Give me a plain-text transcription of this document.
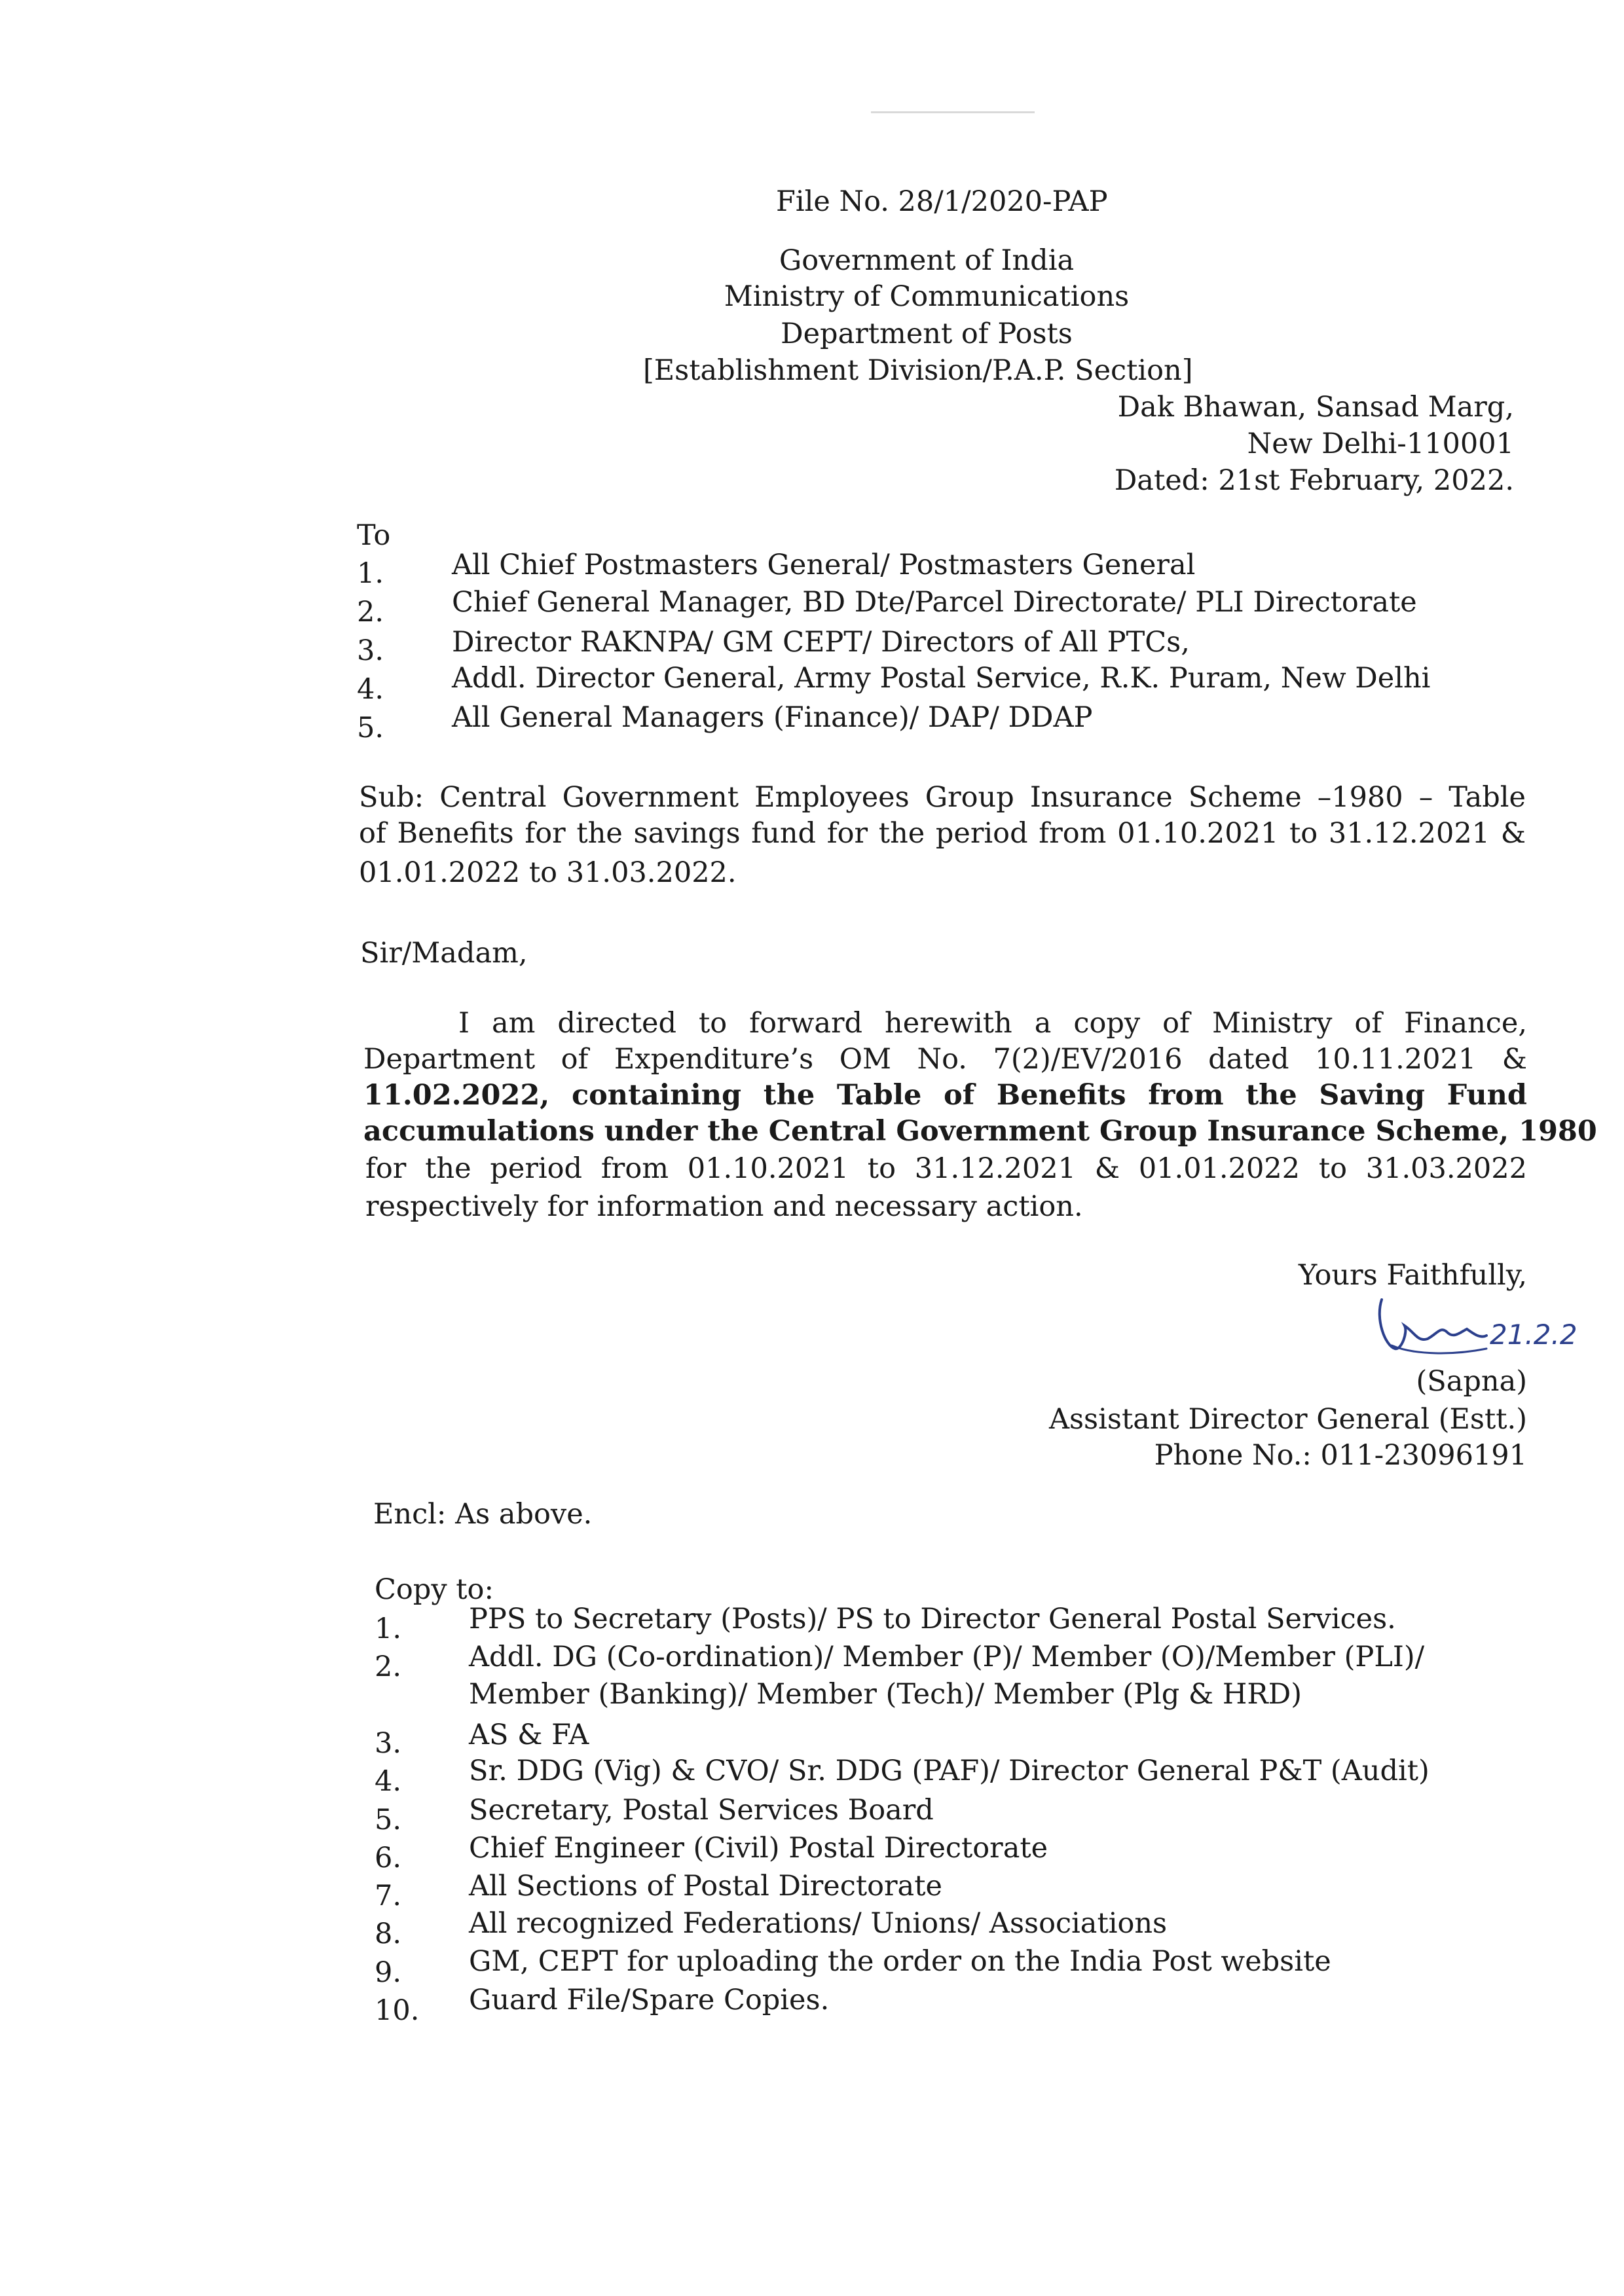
File No. 28/1/2020-PAP
Government of India
Ministry of Communications
Department of Posts
[Establishment Division/P.A.P. Section]
Dak Bhawan, Sansad Marg,
New Delhi-110001
Dated: 21st February, 2022.
To
1. All Chief Postmasters General/ Postmasters General
2. Chief General Manager, BD Dte/Parcel Directorate/ PLI Directorate
3. Director RAKNPA/ GM CEPT/ Directors of All PTCs,
4. Addl. Director General, Army Postal Service, R.K. Puram, New Delhi
5. All General Managers (Finance)/ DAP/ DDAP
Sub: Central Government Employees Group Insurance Scheme –1980 – Table
of Benefits for the savings fund for the period from 01.10.2021 to 31.12.2021 &
01.01.2022 to 31.03.2022.
Sir/Madam,
I am directed to forward herewith a copy of Ministry of Finance,
Department of Expenditure’s OM No. 7(2)/EV/2016 dated 10.11.2021 &
11.02.2022, containing the Table of Benefits from the Saving Fund
accumulations under the Central Government Group Insurance Scheme, 1980
for the period from 01.10.2021 to 31.12.2021 & 01.01.2022 to 31.03.2022
respectively for information and necessary action.
Yours Faithfully,
21.2.2
(Sapna)
Assistant Director General (Estt.)
Phone No.: 011-23096191
Encl: As above.
Copy to:
1. PPS to Secretary (Posts)/ PS to Director General Postal Services.
2. Addl. DG (Co-ordination)/ Member (P)/ Member (O)/Member (PLI)/
Member (Banking)/ Member (Tech)/ Member (Plg & HRD)
3. AS & FA
4. Sr. DDG (Vig) & CVO/ Sr. DDG (PAF)/ Director General P&T (Audit)
5. Secretary, Postal Services Board
6. Chief Engineer (Civil) Postal Directorate
7. All Sections of Postal Directorate
8. All recognized Federations/ Unions/ Associations
9. GM, CEPT for uploading the order on the India Post website
10. Guard File/Spare Copies.
